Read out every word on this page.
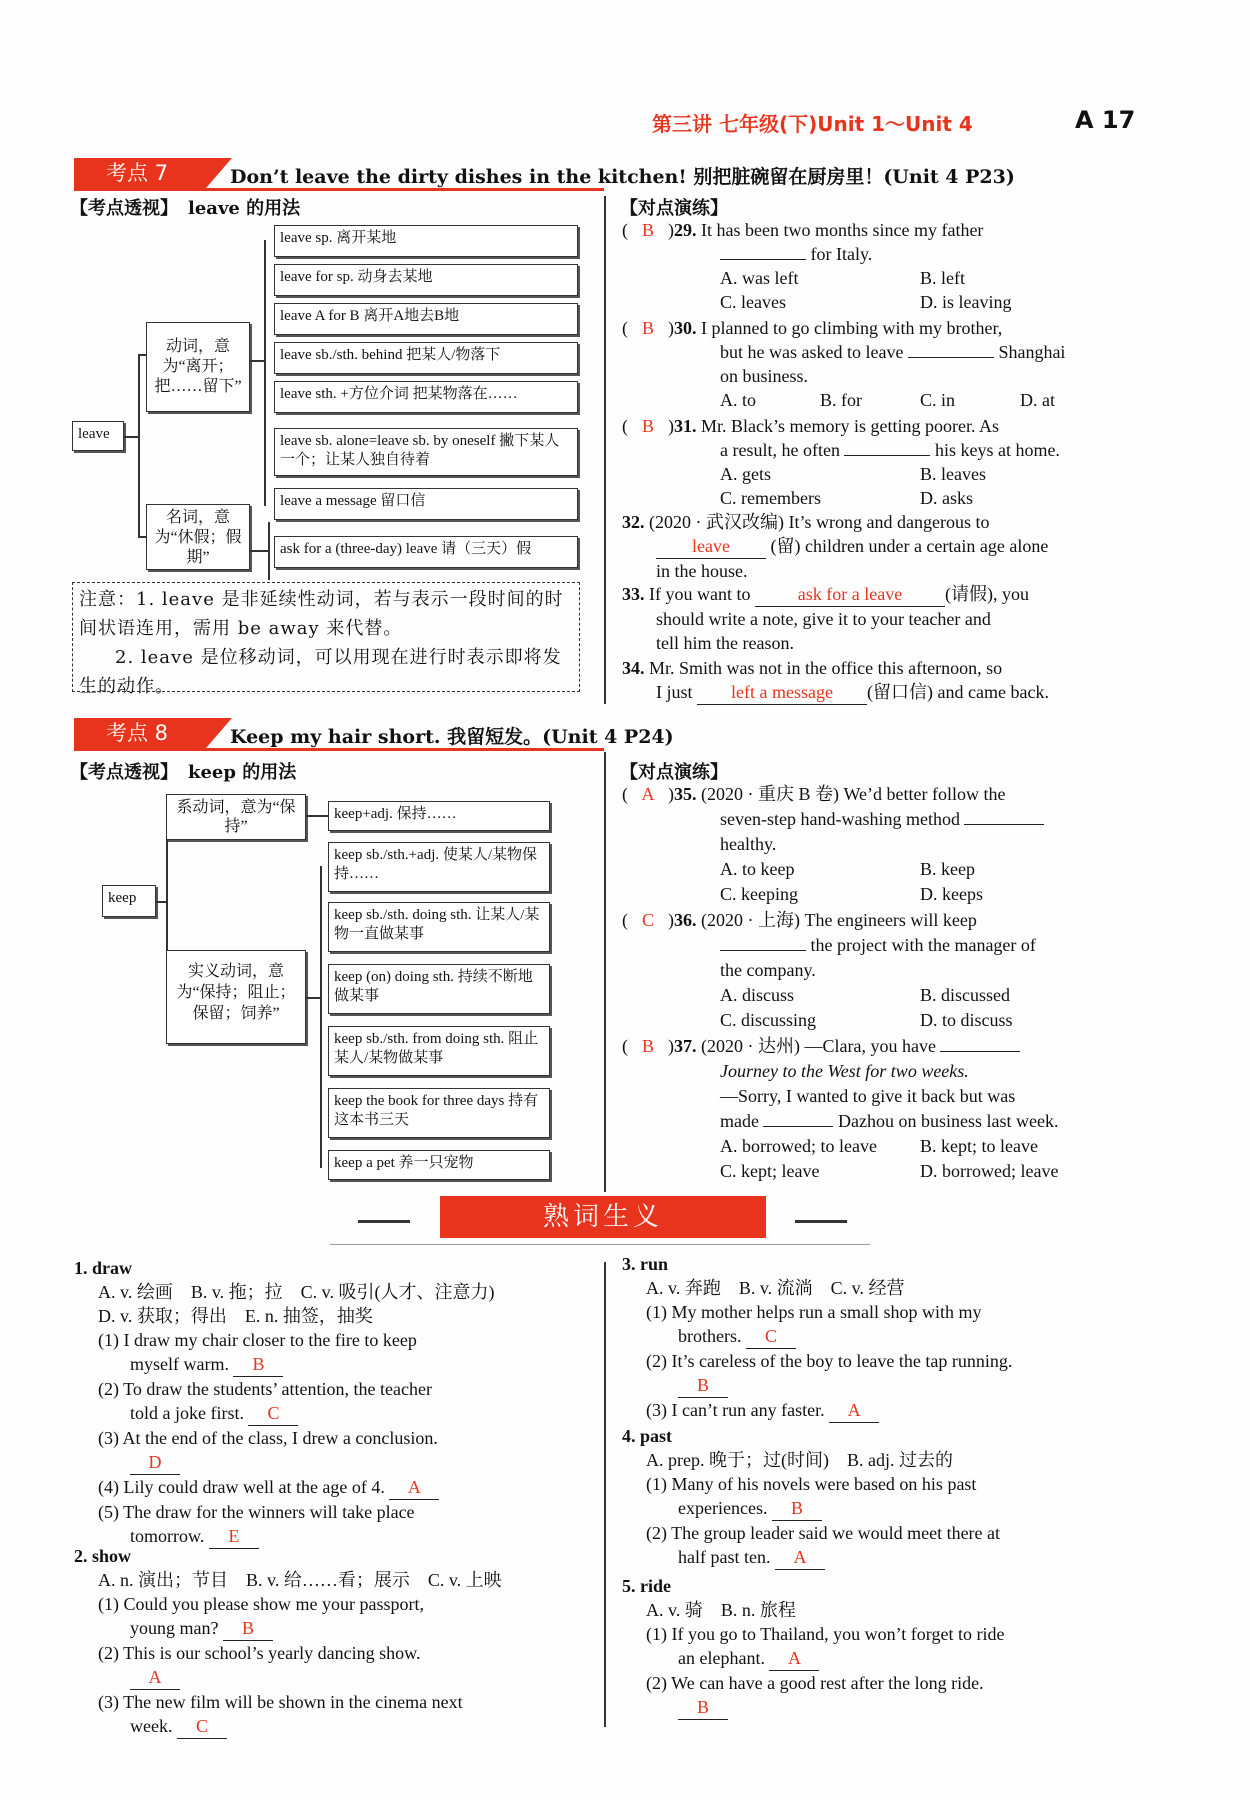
第三讲 七年级(下)Unit 1～Unit 4	A 17
考点 7	Don’t leave the dirty dishes in the kitchen! 别把脏碗留在厨房里！(Unit 4 P23)
【考点透视】 leave 的用法
leave
动词，意为“离开；把……留下”
名词，意为“休假；假期”
leave sp. 离开某地
leave for sp. 动身去某地
leave A for B 离开A地去B地
leave sb./sth. behind 把某人/物落下
leave sth. +方位介词 把某物落在……
leave sb. alone=leave sb. by oneself 撇下某人一个；让某人独自待着
leave a message 留口信
ask for a (three-day) leave 请（三天）假
注意：1. leave 是非延续性动词，若与表示一段时间的时间状语连用，需用 be away 来代替。
2. leave 是位移动词，可以用现在进行时表示即将发生的动作。
【对点演练】
( B )29. It has been two months since my father
for Italy.
A. was left	B. left
C. leaves	D. is leaving
( B )30. I planned to go climbing with my brother,
but he was asked to leave	Shanghai
on business.
A. to	B. for	C. in	D. at
( B )31. Mr. Black’s memory is getting poorer. As
a result, he often	his keys at home.
A. gets	B. leaves
C. remembers	D. asks
32. (2020 · 武汉改编) It’s wrong and dangerous to
leave (留) children under a certain age alone
in the house.
33. If you want to	ask for a leave (请假), you
should write a note, give it to your teacher and
tell him the reason.
34. Mr. Smith was not in the office this afternoon, so
I just left a message (留口信) and came back.
考点 8	Keep my hair short. 我留短发。(Unit 4 P24)
【考点透视】 keep 的用法
keep
系动词，意为“保持”
实义动词，意为“保持；阻止；保留；饲养”
keep+adj. 保持……
keep sb./sth.+adj. 使某人/某物保持……
keep sb./sth. doing sth. 让某人/某物一直做某事
keep (on) doing sth. 持续不断地做某事
keep sb./sth. from doing sth. 阻止某人/某物做某事
keep the book for three days 持有这本书三天
keep a pet 养一只宠物
【对点演练】
( A )35. (2020 · 重庆 B 卷) We’d better follow the
seven-step hand-washing method
healthy.
A. to keep	B. keep
C. keeping	D. keeps
( C )36. (2020 · 上海) The engineers will keep
the project with the manager of
the company.
A. discuss	B. discussed
C. discussing	D. to discuss
( B )37. (2020 · 达州) —Clara, you have
Journey to the West for two weeks.
—Sorry, I wanted to give it back but was
made	Dazhou on business last week.
A. borrowed; to leave	B. kept; to leave
C. kept; leave	D. borrowed; leave
熟词生义
1. draw
A. v. 绘画　B. v. 拖；拉　C. v. 吸引(人才、注意力)
D. v. 获取；得出　E. n. 抽签，抽奖
(1) I draw my chair closer to the fire to keep
myself warm. B
(2) To draw the students’ attention, the teacher
told a joke first. C
(3) At the end of the class, I drew a conclusion.
D
(4) Lily could draw well at the age of 4. A
(5) The draw for the winners will take place
tomorrow. E
2. show
A. n. 演出；节目　B. v. 给……看；展示　C. v. 上映
(1) Could you please show me your passport,
young man? B
(2) This is our school’s yearly dancing show.
A
(3) The new film will be shown in the cinema next
week. C
3. run
A. v. 奔跑　B. v. 流淌　C. v. 经营
(1) My mother helps run a small shop with my
brothers. C
(2) It’s careless of the boy to leave the tap running.
B
(3) I can’t run any faster. A
4. past
A. prep. 晚于；过(时间)　B. adj. 过去的
(1) Many of his novels were based on his past
experiences. B
(2) The group leader said we would meet there at
half past ten. A
5. ride
A. v. 骑　B. n. 旅程
(1) If you go to Thailand, you won’t forget to ride
an elephant. A
(2) We can have a good rest after the long ride.
B
